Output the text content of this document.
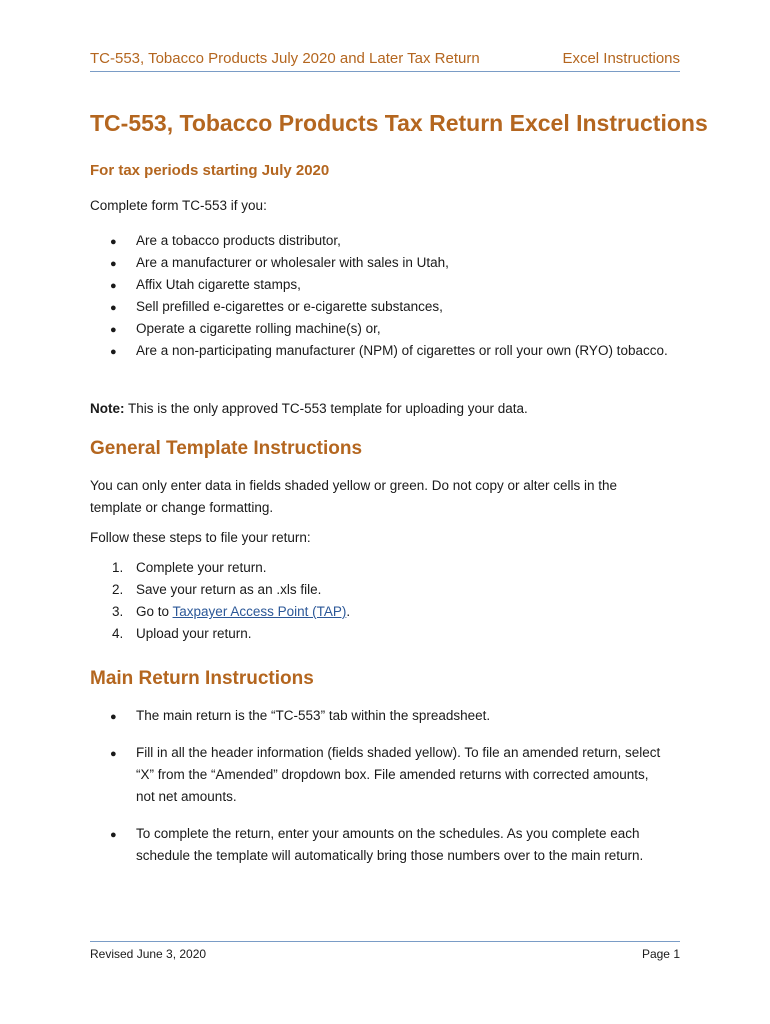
TC-553, Tobacco Products July 2020 and Later Tax Return	Excel Instructions
TC-553, Tobacco Products Tax Return Excel Instructions
For tax periods starting July 2020

Complete form TC-553 if you:

●
Are a tobacco products distributor,
●
Are a manufacturer or wholesaler with sales in Utah,
●
Affix Utah cigarette stamps,
●
Sell prefilled e-cigarettes or e-cigarette substances,
●
Operate a cigarette rolling machine(s) or,
●
Are a non-participating manufacturer (NPM) of cigarettes or roll your own (RYO) tobacco.

Note: This is the only approved TC-553 template for uploading your data.

General Template Instructions

You can only enter data in fields shaded yellow or green. Do not copy or alter cells in the template or change formatting.

Follow these steps to file your return:

1. Complete your return.
2. Save your return as an .xls file.
3. Go to Taxpayer Access Point (TAP).
4. Upload your return.
Main Return Instructions
●
The main return is the “TC-553” tab within the spreadsheet.
●
Fill in all the header information (fields shaded yellow). To file an amended return, select “X” from the “Amended” dropdown box. File amended returns with corrected amounts, not net amounts.
●
To complete the return, enter your amounts on the schedules. As you complete each schedule the template will automatically bring those numbers over to the main return.
Revised June 3, 2020	Page 1
